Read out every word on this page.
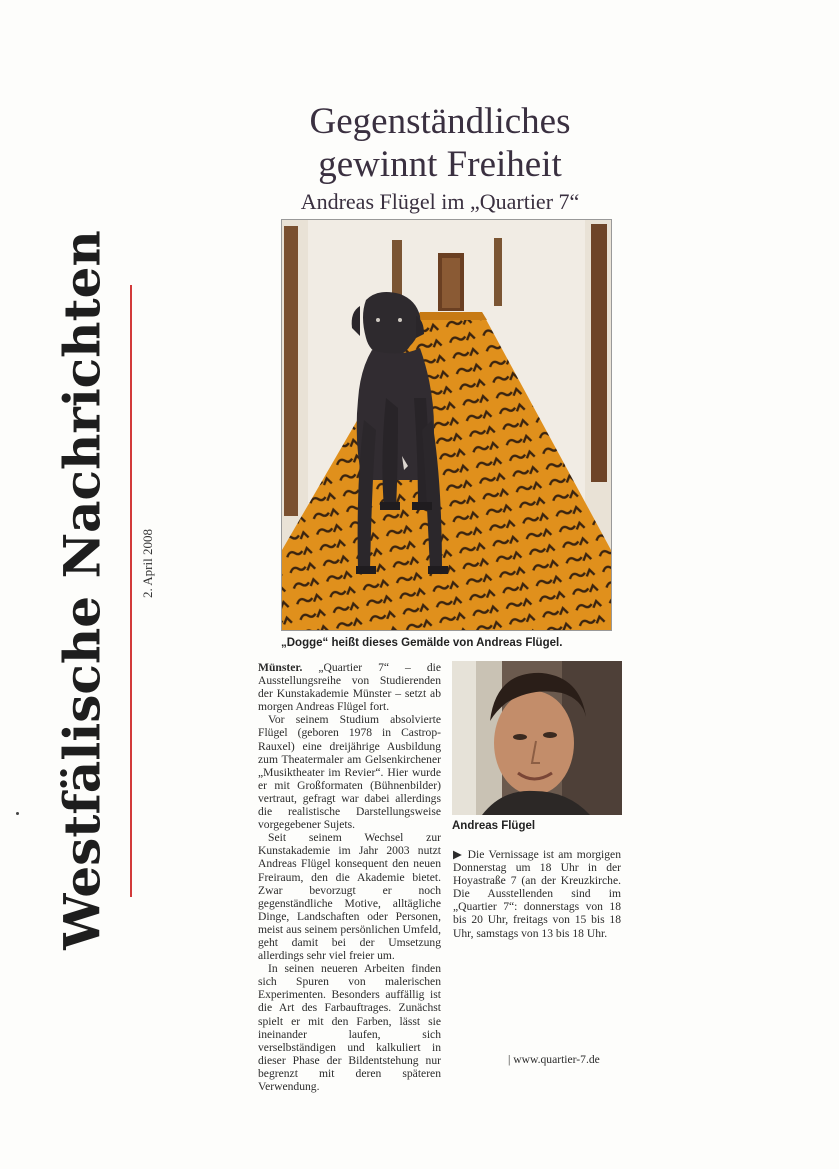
Westfälische Nachrichten 2. April 2008
Gegenständliches
gewinnt Freiheit
Andreas Flügel im „Quartier 7“
„Dogge“ heißt dieses Gemälde von Andreas Flügel.

Münster. „Quartier 7“ – die Ausstellungsreihe von Studierenden der Kunstakademie Münster – setzt ab morgen Andreas Flügel fort.

Vor seinem Studium absolvierte Flügel (geboren 1978 in Castrop-Rauxel) eine dreijährige Ausbildung zum Theatermaler am Gelsenkirchener „Musiktheater im Revier“. Hier wurde er mit Großformaten (Bühnenbilder) vertraut, gefragt war dabei allerdings die realistische Darstellungsweise vorgegebener Sujets.

Seit seinem Wechsel zur Kunstakademie im Jahr 2003 nutzt Andreas Flügel konsequent den neuen Freiraum, den die Akademie bietet. Zwar bevorzugt er noch gegenständliche Motive, alltägliche Dinge, Landschaften oder Personen, meist aus seinem persönlichen Umfeld, geht damit bei der Umsetzung allerdings sehr viel freier um.

In seinen neueren Arbeiten finden sich Spuren von malerischen Experimenten. Besonders auffällig ist die Art des Farbauftrages. Zunächst spielt er mit den Farben, lässt sie ineinander laufen, sich verselbständigen und kalkuliert in dieser Phase der Bildentstehung nur begrenzt mit deren späteren Verwendung.

Andreas Flügel

▶ Die Vernissage ist am morgigen Donnerstag um 18 Uhr in der Hoyastraße 7 (an der Kreuzkirche. Die Ausstellenden sind im „Quartier 7“: donnerstags von 18 bis 20 Uhr, freitags von 15 bis 18 Uhr, samstags von 13 bis 18 Uhr.

| www.quartier-7.de
